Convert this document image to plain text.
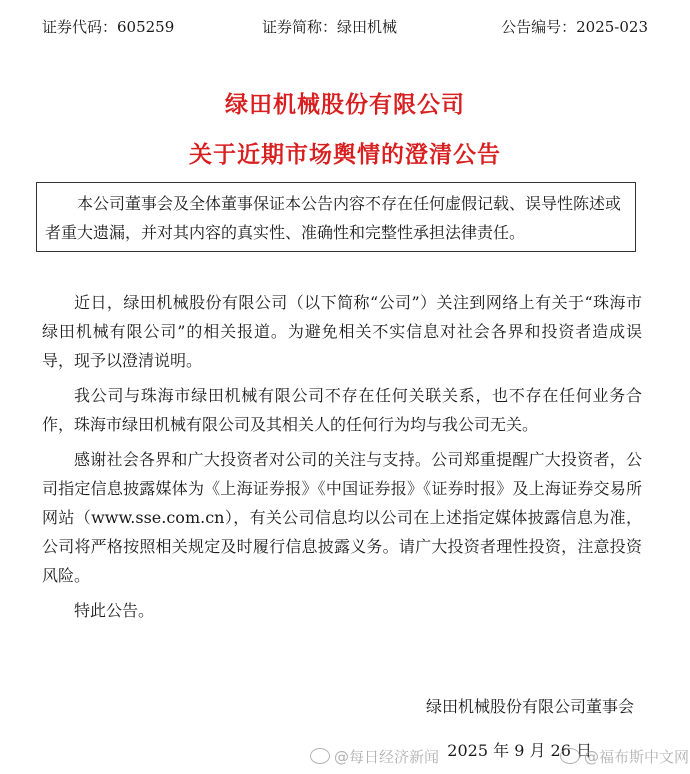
证券代码：605259	证券简称：绿田机械	公告编号：2025-023
绿田机械股份有限公司
关于近期市场舆情的澄清公告

本公司董事会及全体董事保证本公告内容不存在任何虚假记载、误导性陈述或者重大遗漏，并对其内容的真实性、准确性和完整性承担法律责任。

近日，绿田机械股份有限公司（以下简称“公司”）关注到网络上有关于“珠海市绿田机械有限公司”的相关报道。为避免相关不实信息对社会各界和投资者造成误导，现予以澄清说明。

我公司与珠海市绿田机械有限公司不存在任何关联关系，也不存在任何业务合作，珠海市绿田机械有限公司及其相关人的任何行为均与我公司无关。

感谢社会各界和广大投资者对公司的关注与支持。公司郑重提醒广大投资者，公司指定信息披露媒体为《上海证券报》《中国证券报》《证券时报》及上海证券交易所网站（www.sse.com.cn），有关公司信息均以公司在上述指定媒体披露信息为准，公司将严格按照相关规定及时履行信息披露义务。请广大投资者理性投资，注意投资风险。

特此公告。

绿田机械股份有限公司董事会
@每日经济新闻 2025 年 9 月 26 日
@福布斯中文网
